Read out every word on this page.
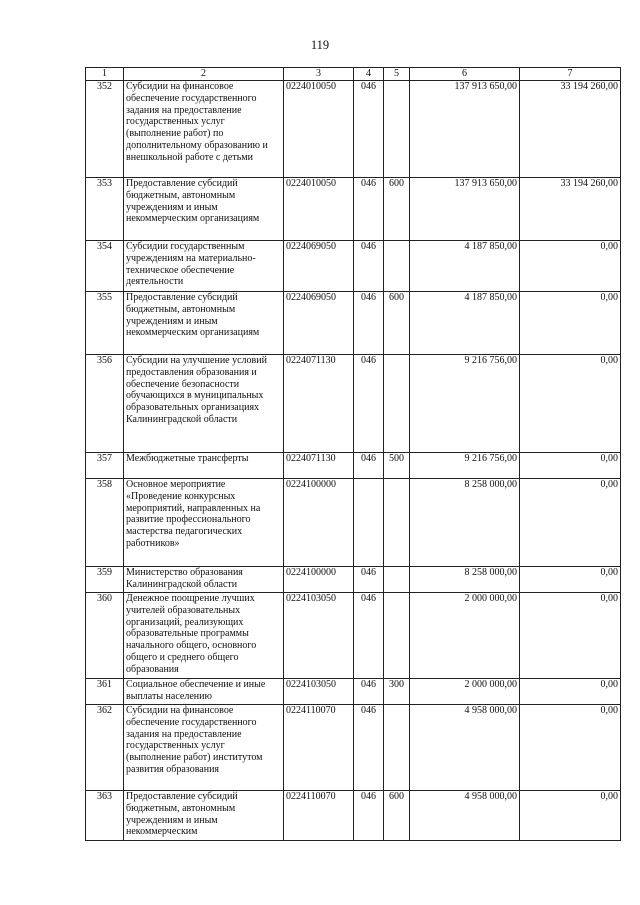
119
1	2	3	4	5	6	7
352	Субсидии на финансовое обеспечение государственного задания на предоставление государственных услуг (выполнение работ) по дополнительному образованию и внешкольной работе с детьми	0224010050	046		137 913 650,00	33 194 260,00
353	Предоставление субсидий бюджетным, автономным учреждениям и иным некоммерческим организациям	0224010050	046	600	137 913 650,00	33 194 260,00
354	Субсидии государственным учреждениям на материально-техническое обеспечение деятельности	0224069050	046		4 187 850,00	0,00
355	Предоставление субсидий бюджетным, автономным учреждениям и иным некоммерческим организациям	0224069050	046	600	4 187 850,00	0,00
356	Субсидии на улучшение условий предоставления образования и обеспечение безопасности обучающихся в муниципальных образовательных организациях Калининградской области	0224071130	046		9 216 756,00	0,00
357	Межбюджетные трансферты	0224071130	046	500	9 216 756,00	0,00
358	Основное мероприятие «Проведение конкурсных мероприятий, направленных на развитие профессионального мастерства педагогических работников»	0224100000			8 258 000,00	0,00
359	Министерство образования Калининградской области	0224100000	046		8 258 000,00	0,00
360	Денежное поощрение лучших учителей образовательных организаций, реализующих образовательные программы начального общего, основного общего и среднего общего образования	0224103050	046		2 000 000,00	0,00
361	Социальное обеспечение и иные выплаты населению	0224103050	046	300	2 000 000,00	0,00
362	Субсидии на финансовое обеспечение государственного задания на предоставление государственных услуг (выполнение работ) институтом развития образования	0224110070	046		4 958 000,00	0,00
363	Предоставление субсидий бюджетным, автономным учреждениям и иным некоммерческим	0224110070	046	600	4 958 000,00	0,00
